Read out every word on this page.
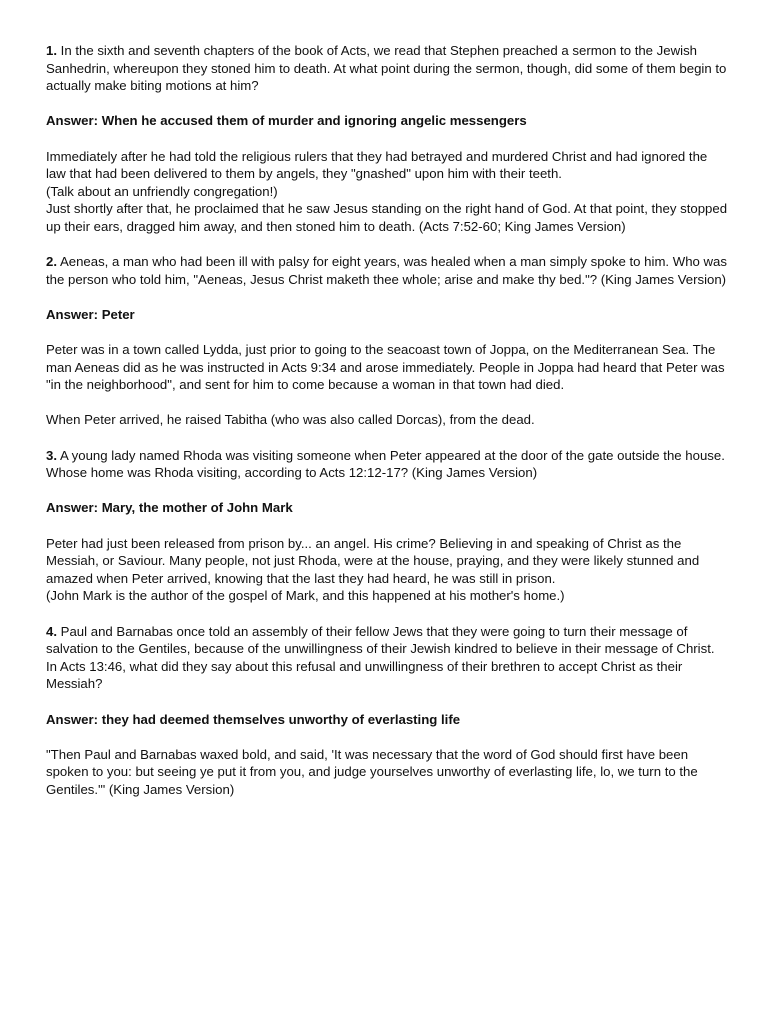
1. In the sixth and seventh chapters of the book of Acts, we read that Stephen preached a sermon to the Jewish Sanhedrin, whereupon they stoned him to death. At what point during the sermon, though, did some of them begin to actually make biting motions at him?

Answer: When he accused them of murder and ignoring angelic messengers

Immediately after he had told the religious rulers that they had betrayed and murdered Christ and had ignored the law that had been delivered to them by angels, they "gnashed" upon him with their teeth.

(Talk about an unfriendly congregation!)

Just shortly after that, he proclaimed that he saw Jesus standing on the right hand of God. At that point, they stopped up their ears, dragged him away, and then stoned him to death. (Acts 7:52-60; King James Version)

2. Aeneas, a man who had been ill with palsy for eight years, was healed when a man simply spoke to him. Who was the person who told him, "Aeneas, Jesus Christ maketh thee whole; arise and make thy bed."? (King James Version)

Answer: Peter

Peter was in a town called Lydda, just prior to going to the seacoast town of Joppa, on the Mediterranean Sea. The man Aeneas did as he was instructed in Acts 9:34 and arose immediately. People in Joppa had heard that Peter was "in the neighborhood", and sent for him to come because a woman in that town had died.

When Peter arrived, he raised Tabitha (who was also called Dorcas), from the dead.

3. A young lady named Rhoda was visiting someone when Peter appeared at the door of the gate outside the house. Whose home was Rhoda visiting, according to Acts 12:12-17? (King James Version)

Answer: Mary, the mother of John Mark

Peter had just been released from prison by... an angel. His crime? Believing in and speaking of Christ as the Messiah, or Saviour. Many people, not just Rhoda, were at the house, praying, and they were likely stunned and amazed when Peter arrived, knowing that the last they had heard, he was still in prison.

(John Mark is the author of the gospel of Mark, and this happened at his mother's home.)

4. Paul and Barnabas once told an assembly of their fellow Jews that they were going to turn their message of salvation to the Gentiles, because of the unwillingness of their Jewish kindred to believe in their message of Christ.

In Acts 13:46, what did they say about this refusal and unwillingness of their brethren to accept Christ as their Messiah?

Answer: they had deemed themselves unworthy of everlasting life

"Then Paul and Barnabas waxed bold, and said, 'It was necessary that the word of God should first have been spoken to you: but seeing ye put it from you, and judge yourselves unworthy of everlasting life, lo, we turn to the Gentiles.'" (King James Version)
